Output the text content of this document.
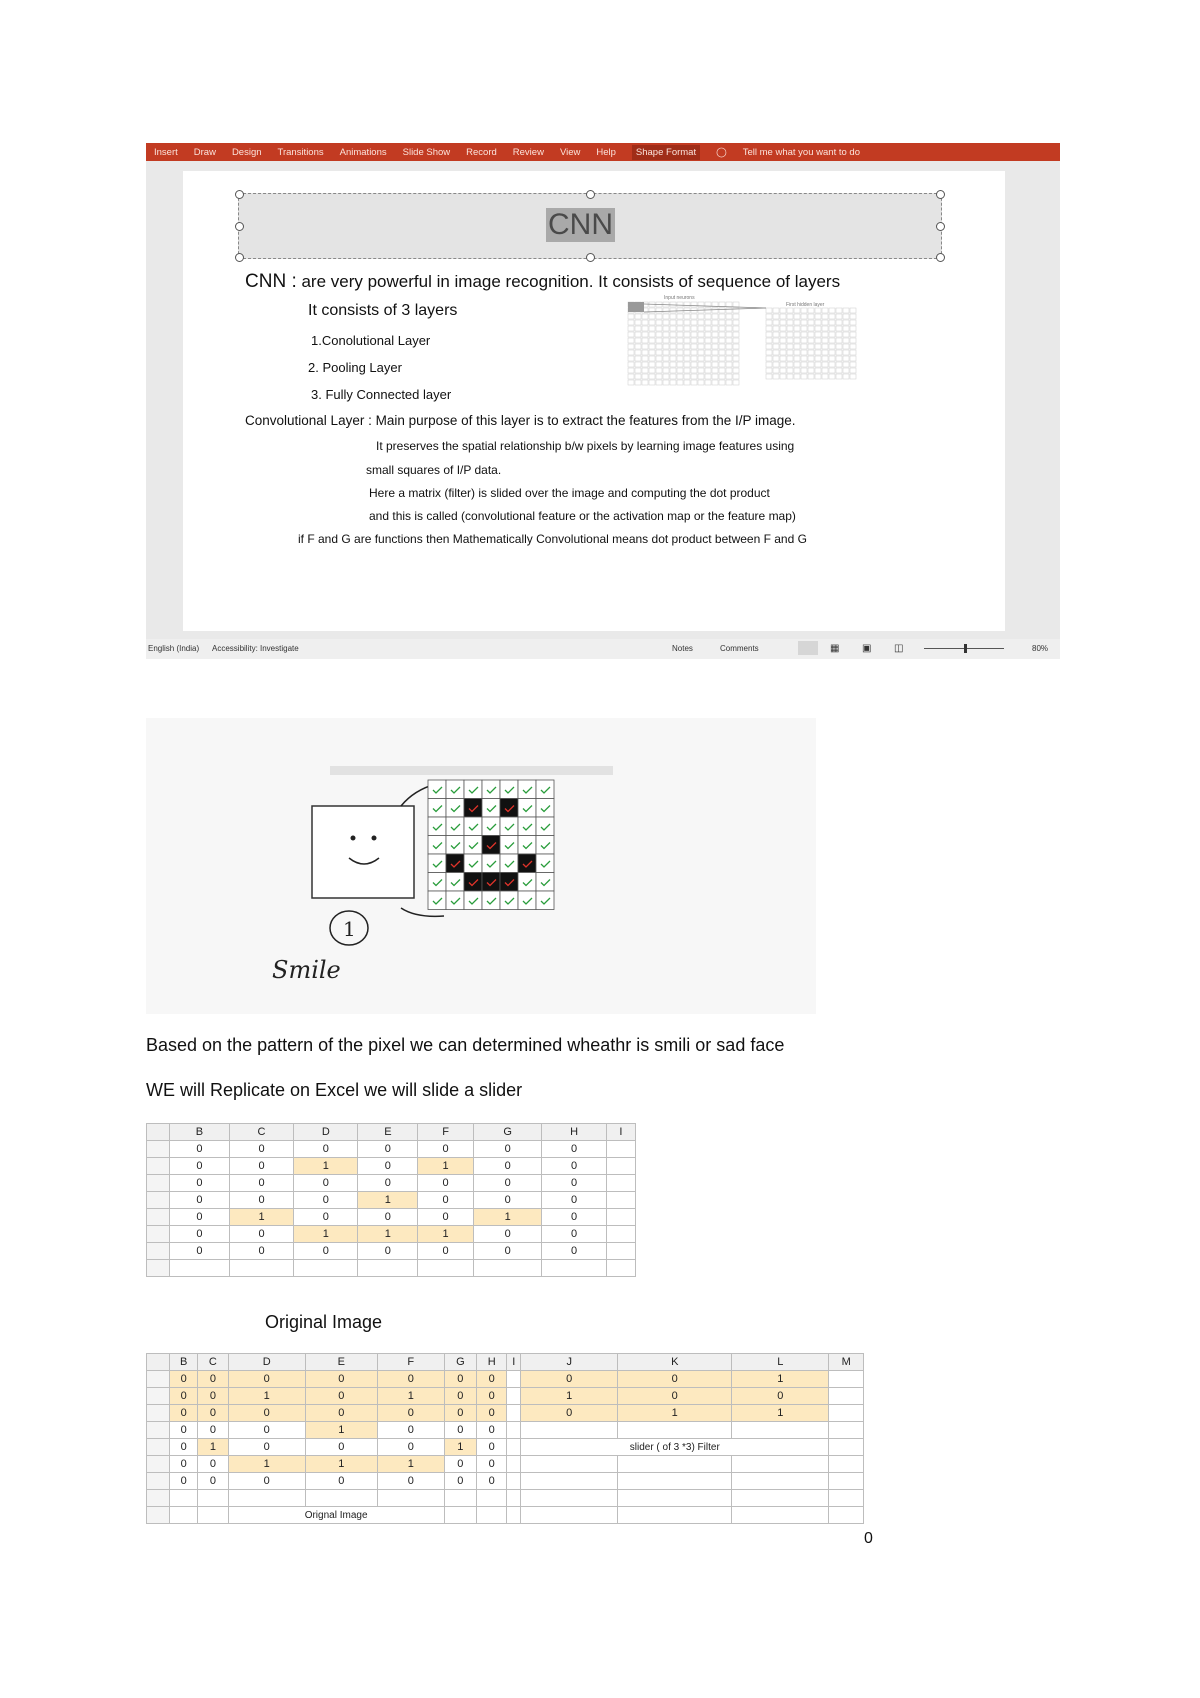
Insert Draw Design Transitions Animations Slide Show Record Review View Help	Shape Format	◯ Tell me what you want to do
CNN
CNN : are very powerful in image recognition. It consists of sequence of layers
It consists of 3 layers
1.Conolutional Layer
2. Pooling Layer
3. Fully Connected layer
Input neurons
First hidden layer
Convolutional Layer : Main purpose of this layer is to extract the features from the I/P image.
It preserves the spatial relationship b/w pixels by learning image features using
small squares of I/P data.
Here a matrix (filter) is slided over the image and computing the dot product
and this is called (convolutional feature or the activation map or the feature map)
if F and G are functions then Mathematically Convolutional means dot product between F and G
English (India) Accessibility: Investigate	Notes	Comments	▦ ▣ ◫	80%
1
Smile
Based on the pattern of the pixel we can determined wheathr is smili or sad face
WE will Replicate on Excel we will slide a slider
	B	C	D	E	F	G	H	I
	0	0	0	0	0	0	0	
	0	0	1	0	1	0	0	
	0	0	0	0	0	0	0	
	0	0	0	1	0	0	0	
	0	1	0	0	0	1	0	
	0	0	1	1	1	0	0	
	0	0	0	0	0	0	0	

Original Image
	B	C	D	E	F	G	H	I	J	K	L	M
	0	0	0	0	0	0	0		0	0	1	
	0	0	1	0	1	0	0		1	0	0	
	0	0	0	0	0	0	0		0	1	1	
	0	0	0	1	0	0	0					
	0	1	0	0	0	1	0		slider ( of 3 *3) Filter			
	0	0	1	1	1	0	0					
	0	0	0	0	0	0	0					

			Orignal Image									
0
